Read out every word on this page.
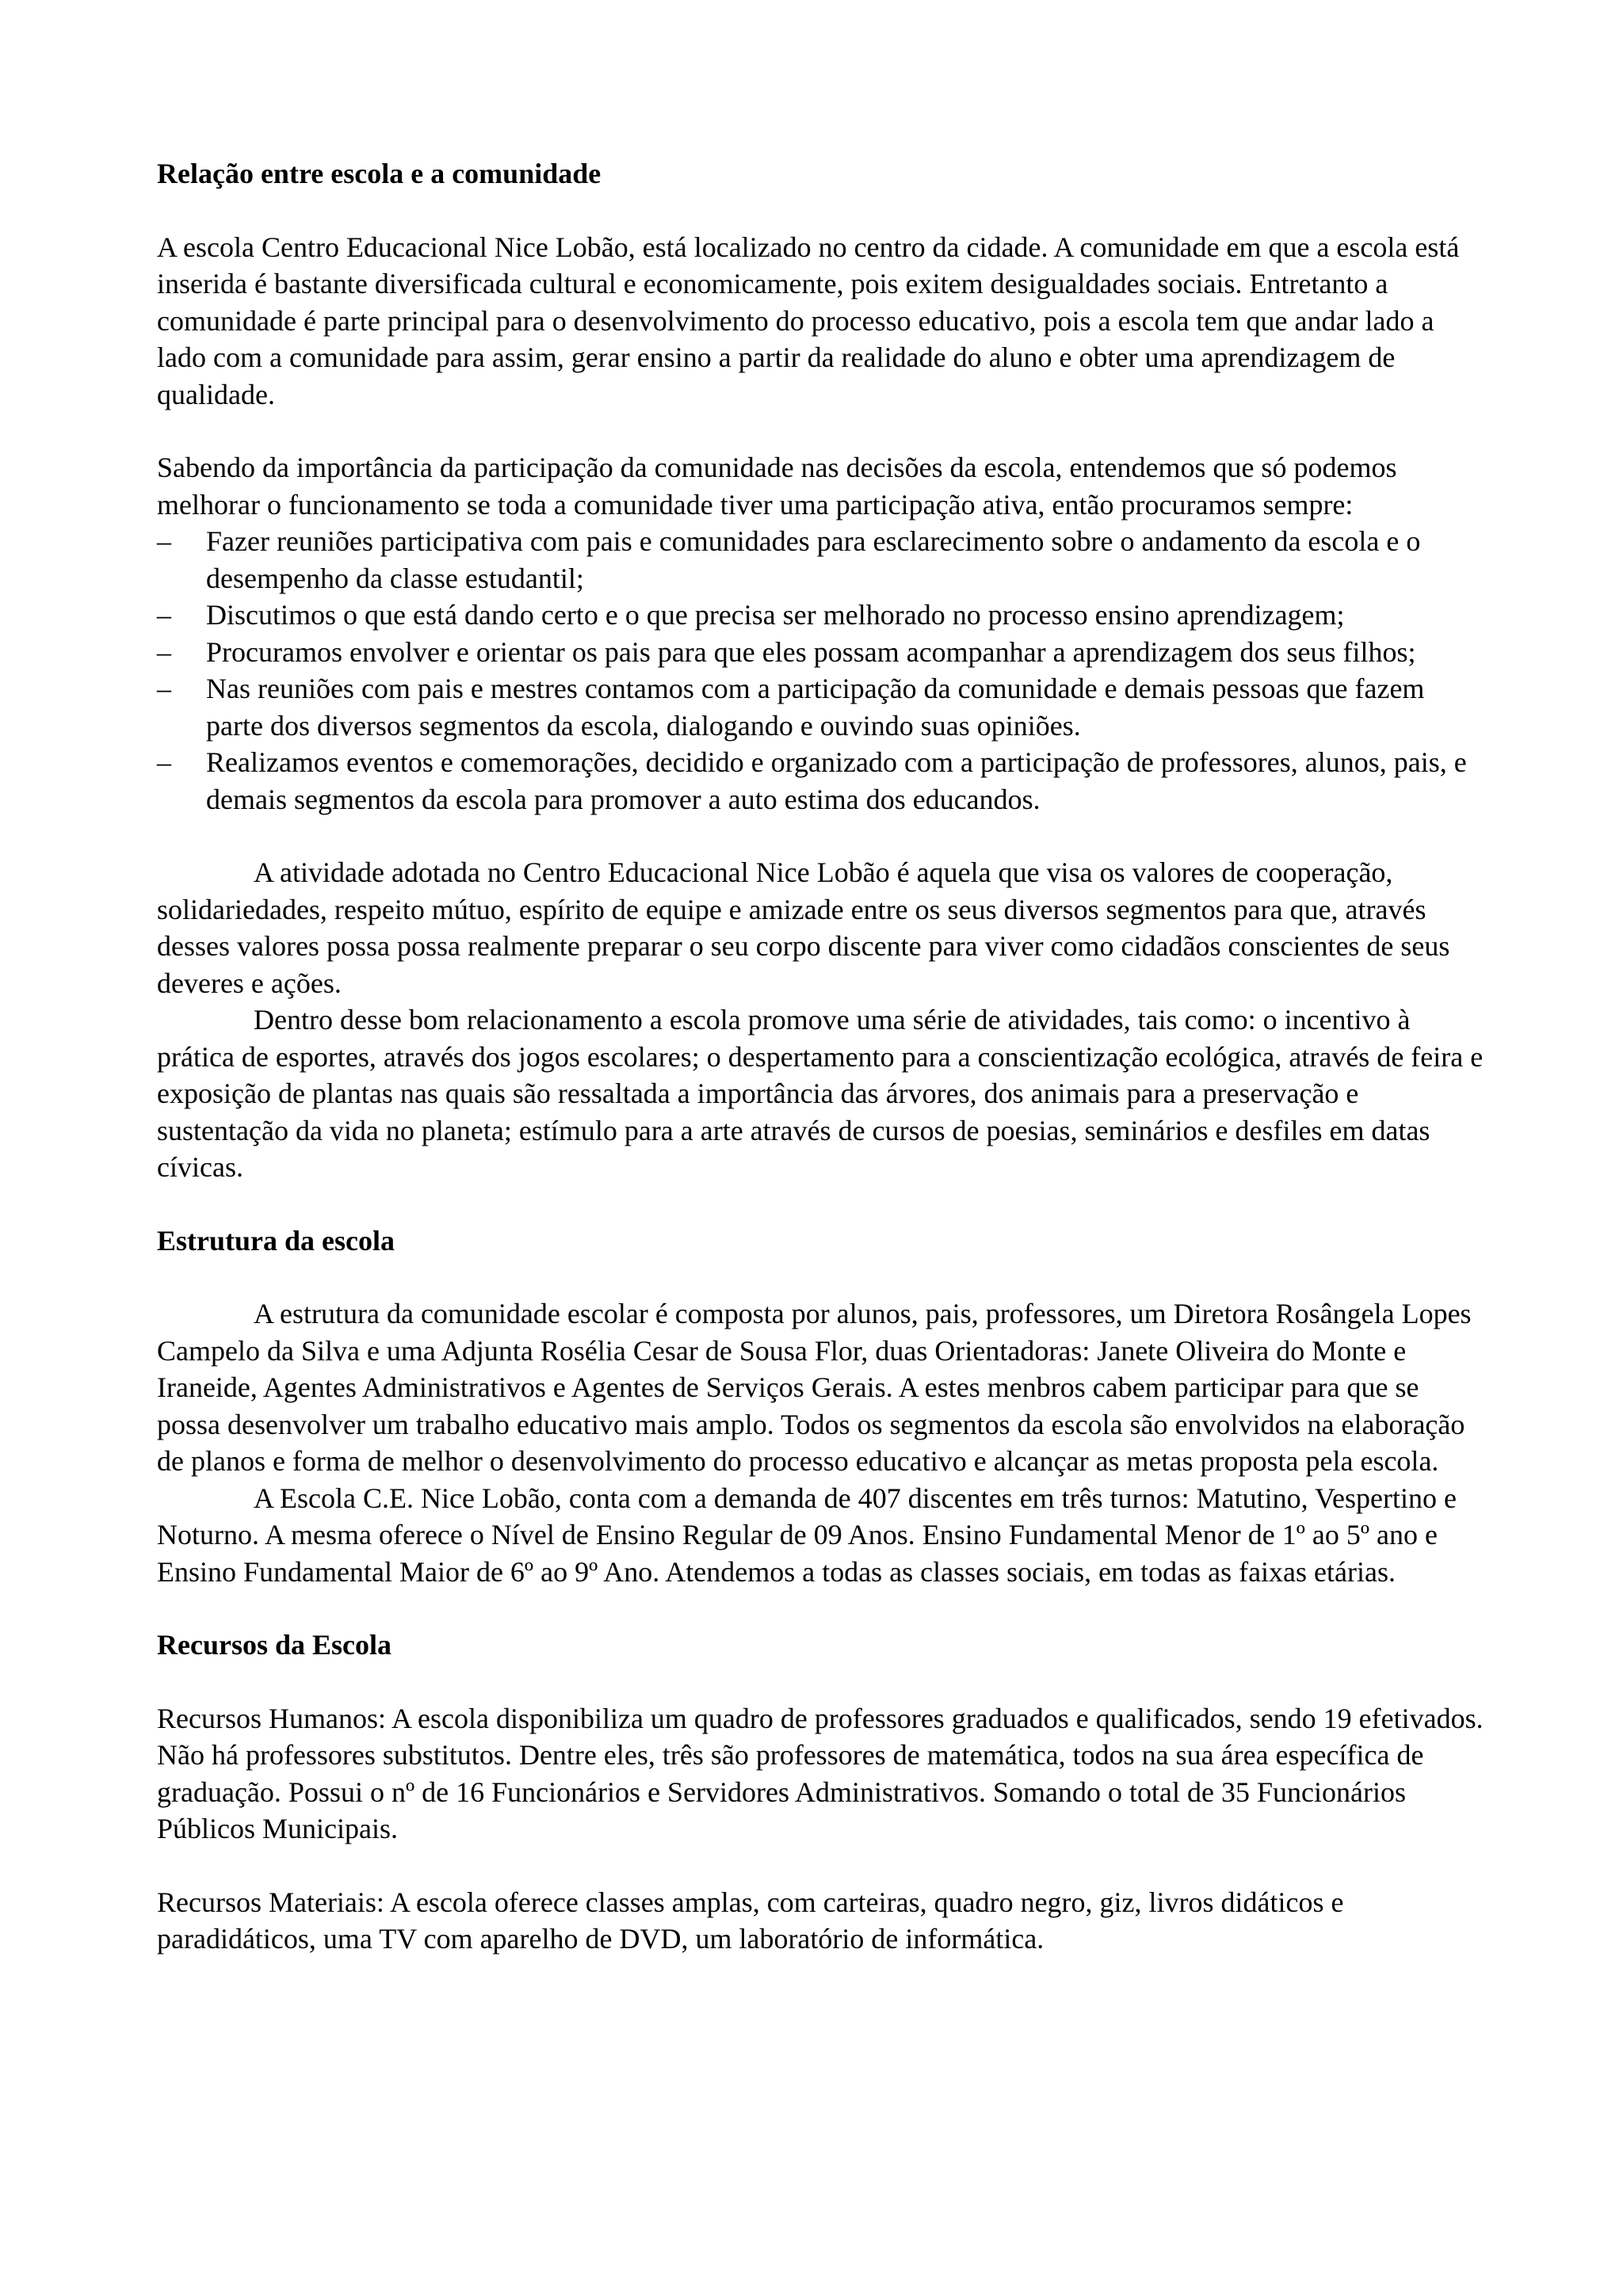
Relação entre escola e a comunidade

A escola Centro Educacional Nice Lobão, está localizado no centro da cidade. A comunidade em que a escola está inserida é bastante diversificada cultural e economicamente, pois exitem desigualdades sociais. Entretanto a comunidade é parte principal para o desenvolvimento do processo educativo, pois a escola tem que andar lado a lado com a comunidade para assim, gerar ensino a partir da realidade do aluno e obter uma aprendizagem de qualidade.

Sabendo da importância da participação da comunidade nas decisões da escola, entendemos que só podemos melhorar o funcionamento se toda a comunidade tiver uma participação ativa, então procuramos sempre:

– Fazer reuniões participativa com pais e comunidades para esclarecimento sobre o andamento da escola e o desempenho da classe estudantil;
– Discutimos o que está dando certo e o que precisa ser melhorado no processo ensino aprendizagem;
– Procuramos envolver e orientar os pais para que eles possam acompanhar a aprendizagem dos seus filhos;
– Nas reuniões com pais e mestres contamos com a participação da comunidade e demais pessoas que fazem parte dos diversos segmentos da escola, dialogando e ouvindo suas opiniões.
– Realizamos eventos e comemorações, decidido e organizado com a participação de professores, alunos, pais, e demais segmentos da escola para promover a auto estima dos educandos.

A atividade adotada no Centro Educacional Nice Lobão é aquela que visa os valores de cooperação, solidariedades, respeito mútuo, espírito de equipe e amizade entre os seus diversos segmentos para que, através desses valores possa possa realmente preparar o seu corpo discente para viver como cidadãos conscientes de seus deveres e ações.

Dentro desse bom relacionamento a escola promove uma série de atividades, tais como: o incentivo à prática de esportes, através dos jogos escolares; o despertamento para a conscientização ecológica, através de feira e exposição de plantas nas quais são ressaltada a importância das árvores, dos animais para a preservação e sustentação da vida no planeta; estímulo para a arte através de cursos de poesias, seminários e desfiles em datas cívicas.

Estrutura da escola

A estrutura da comunidade escolar é composta por alunos, pais, professores, um Diretora Rosângela Lopes Campelo da Silva e uma Adjunta Rosélia Cesar de Sousa Flor, duas Orientadoras: Janete Oliveira do Monte e Iraneide, Agentes Administrativos e Agentes de Serviços Gerais. A estes menbros cabem participar para que se possa desenvolver um trabalho educativo mais amplo. Todos os segmentos da escola são envolvidos na elaboração de planos e forma de melhor o desenvolvimento do processo educativo e alcançar as metas proposta pela escola.

A Escola C.E. Nice Lobão, conta com a demanda de 407 discentes em três turnos: Matutino, Vespertino e Noturno. A mesma oferece o Nível de Ensino Regular de 09 Anos. Ensino Fundamental Menor de 1º ao 5º ano e Ensino Fundamental Maior de 6º ao 9º Ano. Atendemos a todas as classes sociais, em todas as faixas etárias.

Recursos da Escola

Recursos Humanos: A escola disponibiliza um quadro de professores graduados e qualificados, sendo 19 efetivados. Não há professores substitutos. Dentre eles, três são professores de matemática, todos na sua área específica de graduação. Possui o nº de 16 Funcionários e Servidores Administrativos. Somando o total de 35 Funcionários Públicos Municipais.

Recursos Materiais: A escola oferece classes amplas, com carteiras, quadro negro, giz, livros didáticos e paradidáticos, uma TV com aparelho de DVD, um laboratório de informática.
